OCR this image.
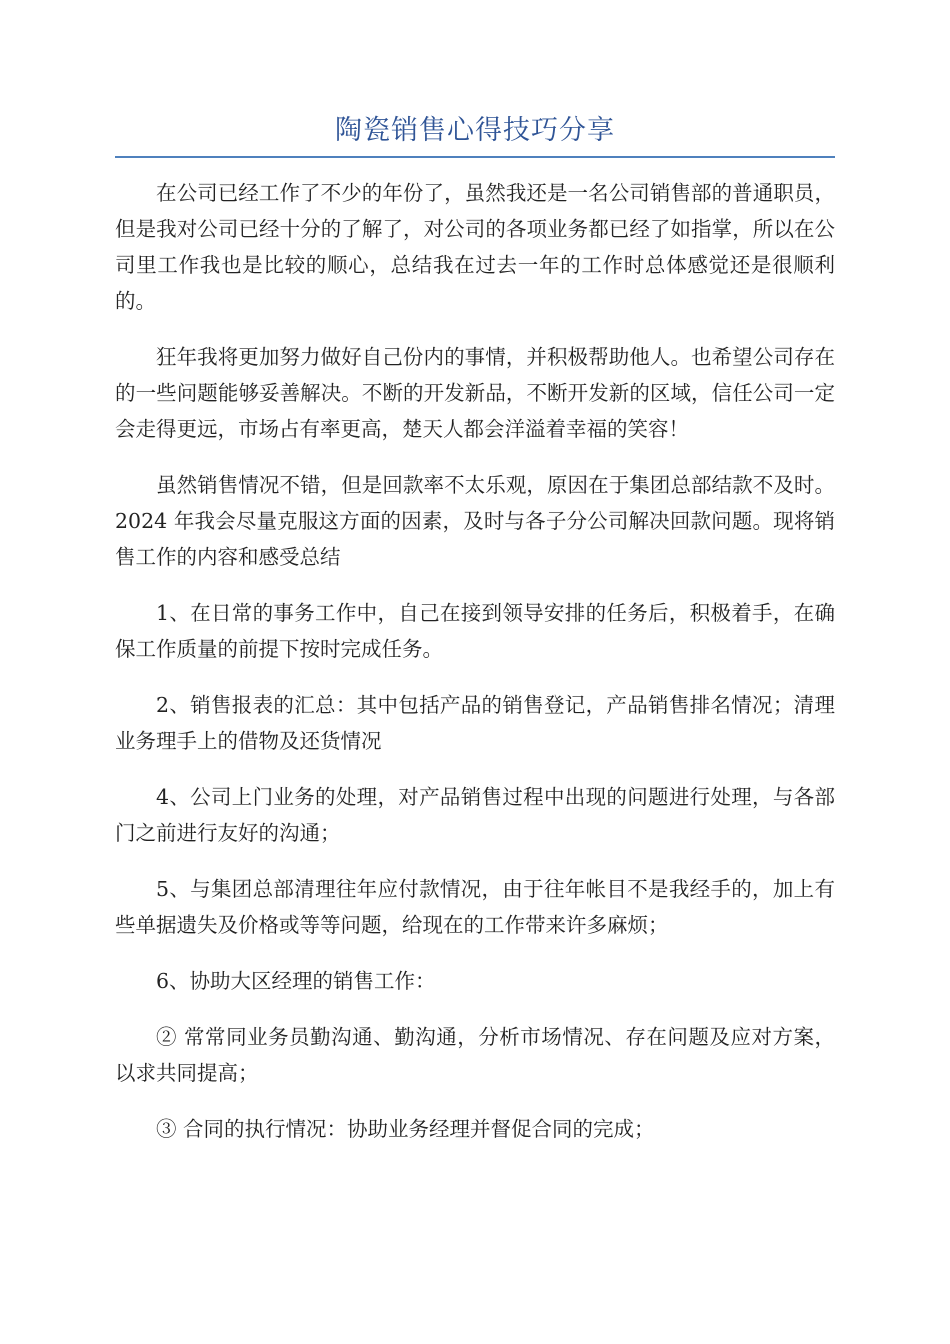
陶瓷销售心得技巧分享

在公司已经工作了不少的年份了，虽然我还是一名公司销售部的普通职员，但是我对公司已经十分的了解了，对公司的各项业务都已经了如指掌，所以在公司里工作我也是比较的顺心，总结我在过去一年的工作时总体感觉还是很顺利的。

狂年我将更加努力做好自己份内的事情，并积极帮助他人。也希望公司存在的一些问题能够妥善解决。不断的开发新品，不断开发新的区域，信任公司一定会走得更远，市场占有率更高，楚天人都会洋溢着幸福的笑容！

虽然销售情况不错，但是回款率不太乐观，原因在于集团总部结款不及时。2024 年我会尽量克服这方面的因素，及时与各子分公司解决回款问题。现将销售工作的内容和感受总结

1、在日常的事务工作中，自己在接到领导安排的任务后，积极着手，在确保工作质量的前提下按时完成任务。

2、销售报表的汇总：其中包括产品的销售登记，产品销售排名情况；清理业务理手上的借物及还货情况

4、公司上门业务的处理，对产品销售过程中出现的问题进行处理，与各部门之前进行友好的沟通；

5、与集团总部清理往年应付款情况，由于往年帐目不是我经手的，加上有些单据遗失及价格或等等问题，给现在的工作带来许多麻烦；

6、协助大区经理的销售工作：

② 常常同业务员勤沟通、勤沟通，分析市场情况、存在问题及应对方案，以求共同提高；

③ 合同的执行情况：协助业务经理并督促合同的完成；
